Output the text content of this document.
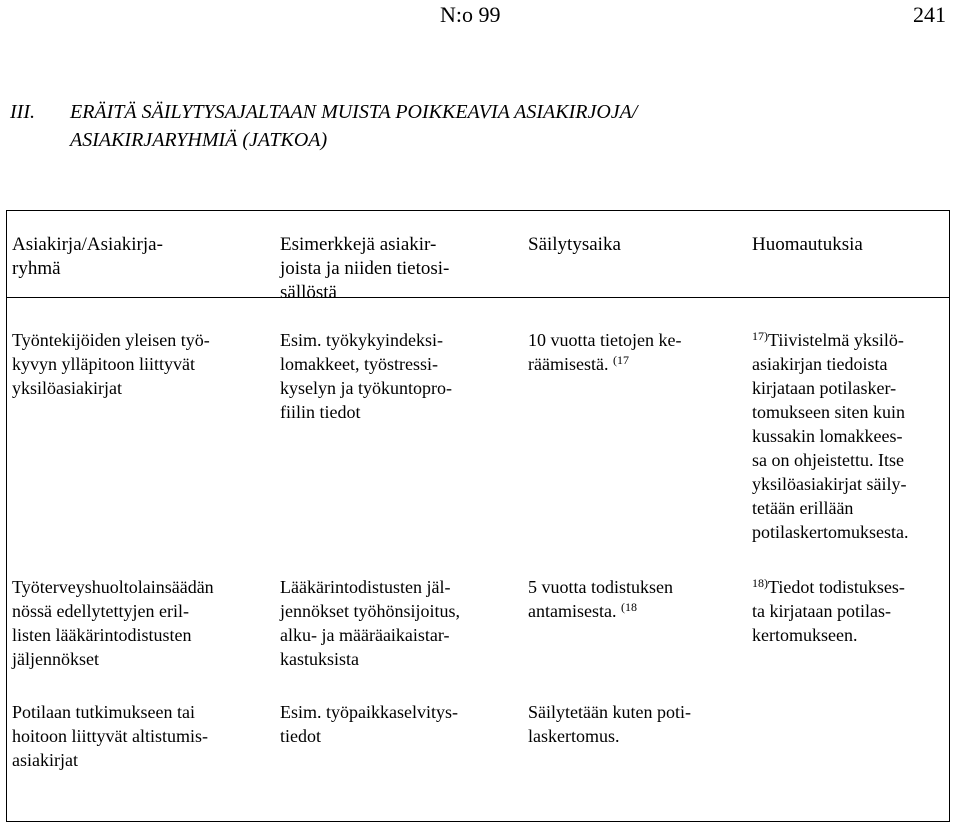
N:o 99	241
III. ERÄITÄ SÄILYTYSAJALTAAN MUISTA POIKKEAVIA ASIAKIRJOJA/
ASIAKIRJARYHMIÄ (JATKOA)
Asiakirja/Asiakirja-
ryhmä
Esimerkkejä asiakir-
joista ja niiden tietosi-
sällöstä
Säilytysaika	Huomautuksia
Työntekijöiden yleisen työ-
kyvyn ylläpitoon liittyvät
yksilöasiakirjat
Esim. työkykyindeksi-
lomakkeet, työstressi-
kyselyn ja työkuntopro-
fiilin tiedot
10 vuotta tietojen ke-
räämisestä. $^{(17}$
$^{17)}$Tiivistelmä yksilö-
asiakirjan tiedoista
kirjataan potilasker-
tomukseen siten kuin
kussakin lomakkees-
sa on ohjeistettu. Itse
yksilöasiakirjat säily-
tetään erillään
potilaskertomuksesta.
Työterveyshuoltolainsäädän
nössä edellytettyjen eril-
listen lääkärintodistusten
jäljennökset
Lääkärintodistusten jäl-
jennökset työhönsijoitus,
alku- ja määräaikaistar-
kastuksista
5 vuotta todistuksen
antamisesta. $^{(18}$
$^{18)}$Tiedot todistukses-
ta kirjataan potilas-
kertomukseen.
Potilaan tutkimukseen tai
hoitoon liittyvät altistumis-
asiakirjat
Esim. työpaikkaselvitys-
tiedot
Säilytetään kuten poti-
laskertomus.
